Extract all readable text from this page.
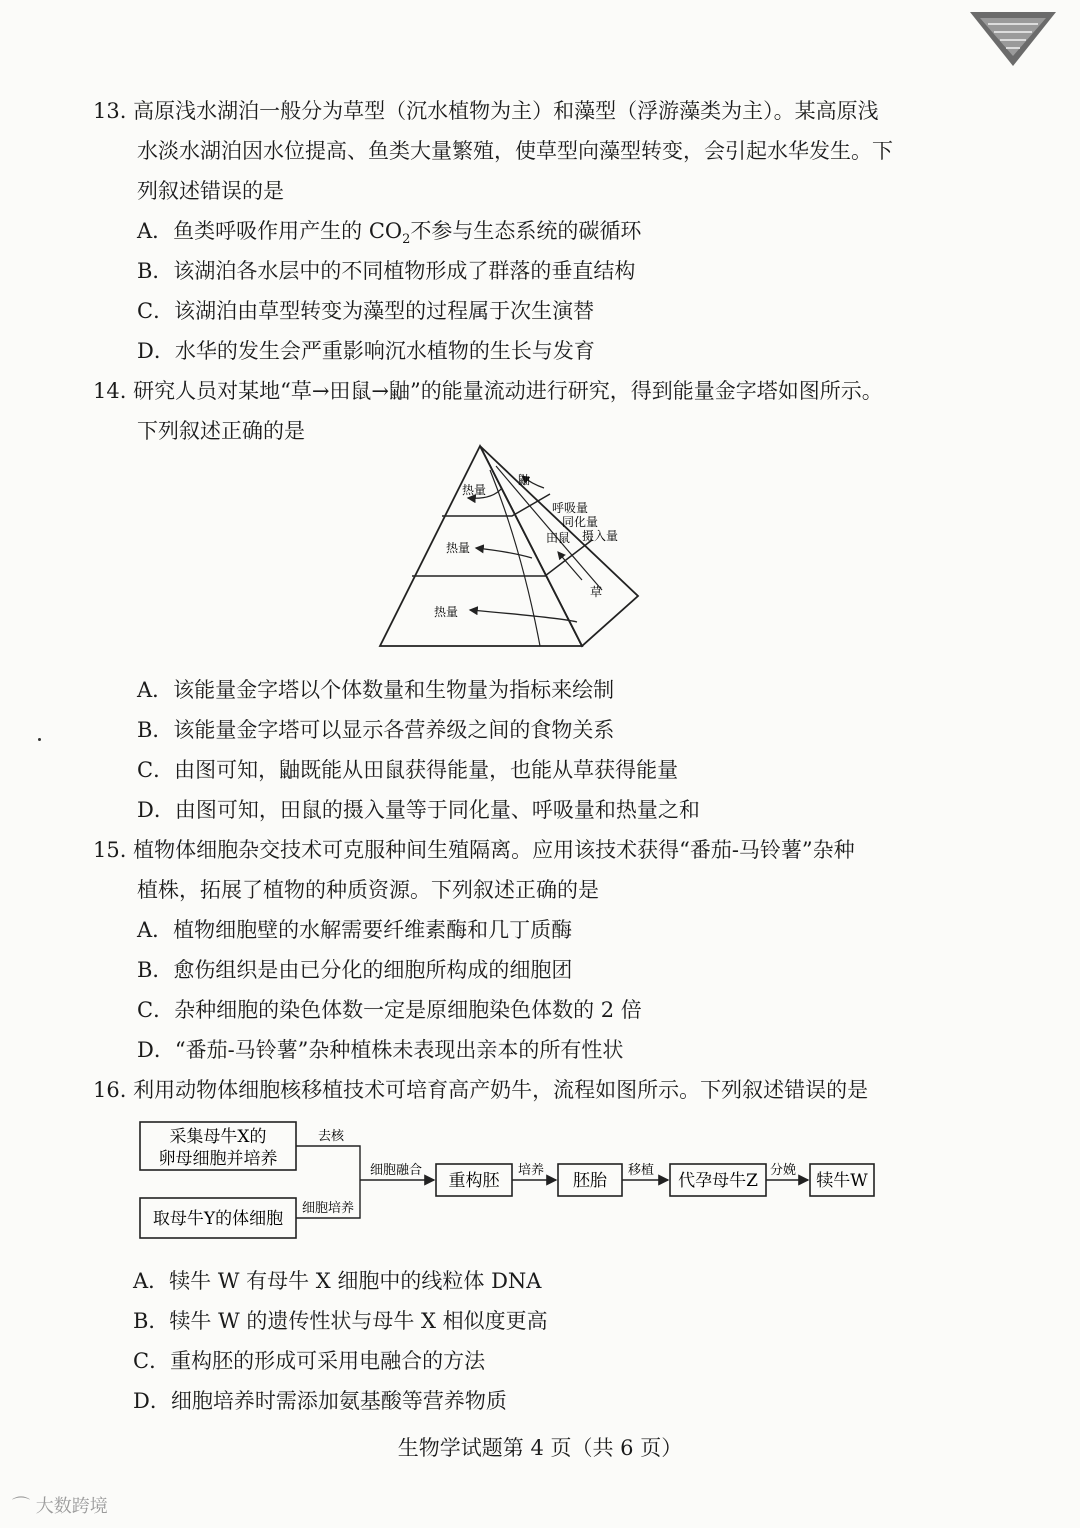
13. 高原浅水湖泊一般分为草型（沉水植物为主）和藻型（浮游藻类为主）。某高原浅
水淡水湖泊因水位提高、鱼类大量繁殖，使草型向藻型转变，会引起水华发生。下
列叙述错误的是
A．鱼类呼吸作用产生的 $CO_2$不参与生态系统的碳循环
B．该湖泊各水层中的不同植物形成了群落的垂直结构
C．该湖泊由草型转变为藻型的过程属于次生演替
D．水华的发生会严重影响沉水植物的生长与发育
14. 研究人员对某地“草→田鼠→鼬”的能量流动进行研究，得到能量金字塔如图所示。
下列叙述正确的是
热量
热量
热量
鼬
田鼠
草
呼吸量
同化量
摄入量
A．该能量金字塔以个体数量和生物量为指标来绘制
B．该能量金字塔可以显示各营养级之间的食物关系
C．由图可知，鼬既能从田鼠获得能量，也能从草获得能量
D．由图可知，田鼠的摄入量等于同化量、呼吸量和热量之和
15. 植物体细胞杂交技术可克服种间生殖隔离。应用该技术获得“番茄-马铃薯”杂种
植株，拓展了植物的种质资源。下列叙述正确的是
A．植物细胞壁的水解需要纤维素酶和几丁质酶
B．愈伤组织是由已分化的细胞所构成的细胞团
C．杂种细胞的染色体数一定是原细胞染色体数的 2 倍
D．“番茄-马铃薯”杂种植株未表现出亲本的所有性状
16. 利用动物体细胞核移植技术可培育高产奶牛，流程如图所示。下列叙述错误的是
采集母牛X的
卵母细胞并培养
取母牛Y的体细胞
重构胚	胚胎	代孕母牛Z	犊牛W
去核
细胞培养
细胞融合	培养	移植	分娩
A．犊牛 W 有母牛 X 细胞中的线粒体 DNA
B．犊牛 W 的遗传性状与母牛 X 相似度更高
C．重构胚的形成可采用电融合的方法
D．细胞培养时需添加氨基酸等营养物质
生物学试题第 4 页（共 6 页）
⌒ 大数跨境
